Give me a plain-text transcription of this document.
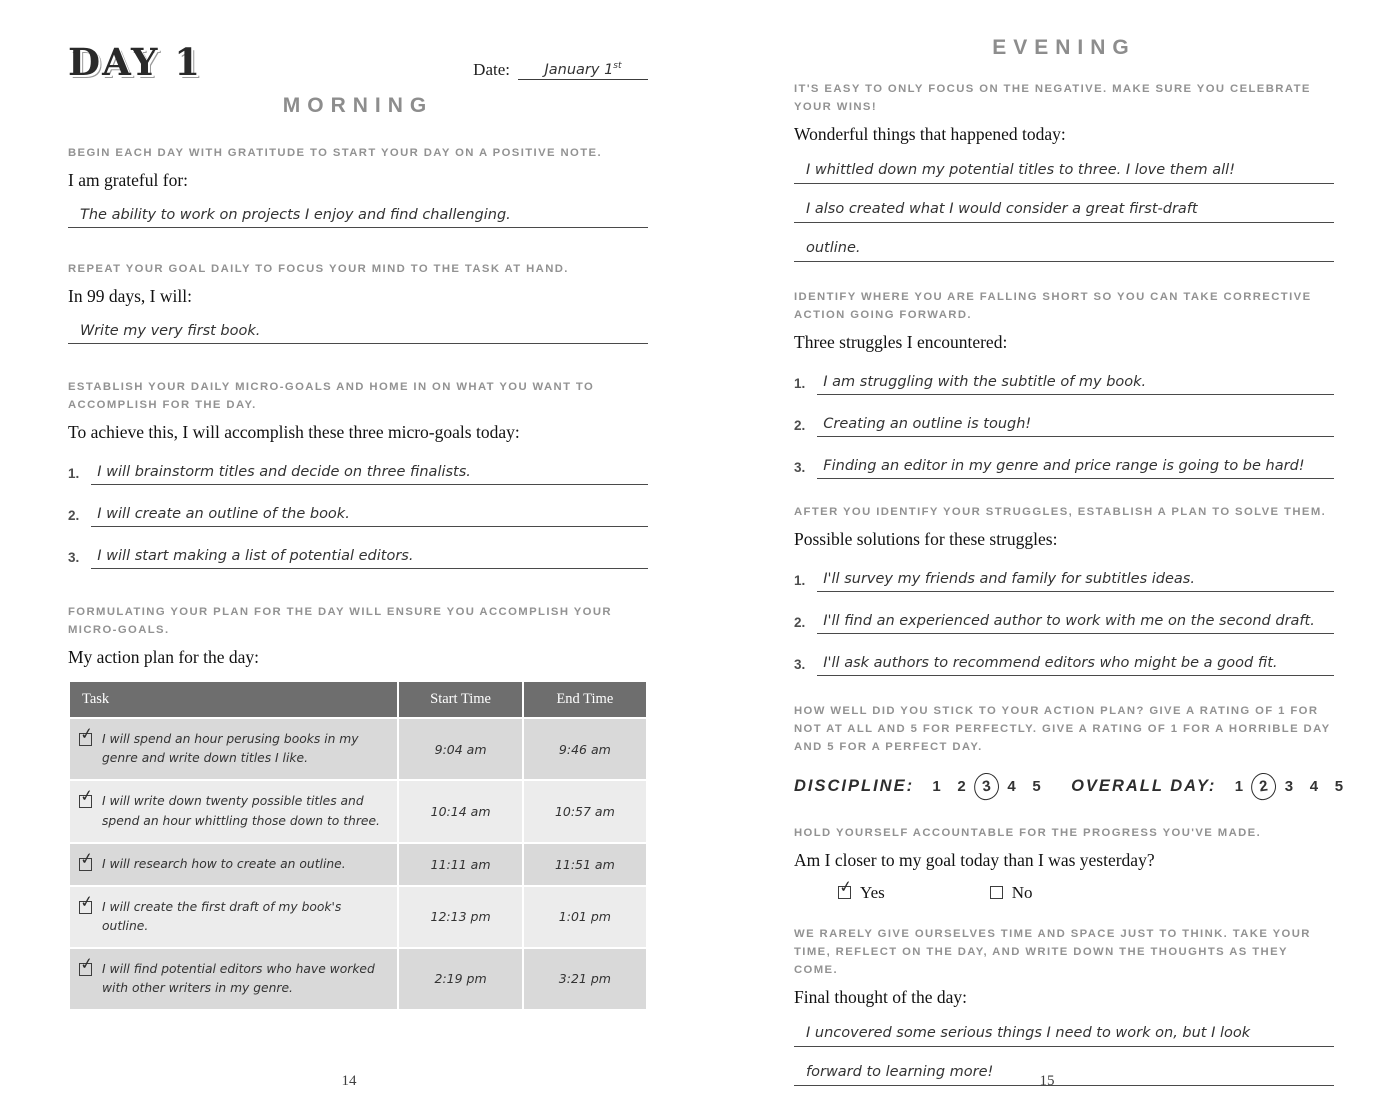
DAY 1	Date:	January 1st
MORNING
BEGIN EACH DAY WITH GRATITUDE TO START YOUR DAY ON A POSITIVE NOTE.
I am grateful for:
The ability to work on projects I enjoy and find challenging.
REPEAT YOUR GOAL DAILY TO FOCUS YOUR MIND TO THE TASK AT HAND.
In 99 days, I will:
Write my very first book.
ESTABLISH YOUR DAILY MICRO-GOALS AND HOME IN ON WHAT YOU WANT TO ACCOMPLISH FOR THE DAY.
To achieve this, I will accomplish these three micro-goals today:
1.	I will brainstorm titles and decide on three finalists.
2.	I will create an outline of the book.
3.	I will start making a list of potential editors.
FORMULATING YOUR PLAN FOR THE DAY WILL ENSURE YOU ACCOMPLISH YOUR MICRO-GOALS.
My action plan for the day:
Task	Start Time	End Time

✓ I will spend an hour perusing books in my genre and write down titles I like.	9:04 am	9:46 am

✓ I will write down twenty possible titles and spend an hour whittling those down to three.	10:14 am	10:57 am

✓ I will research how to create an outline.	11:11 am	11:51 am

✓ I will create the first draft of my book's outline.	12:13 pm	1:01 pm

✓ I will find potential editors who have worked with other writers in my genre.	2:19 pm	3:21 pm
14
EVENING
IT'S EASY TO ONLY FOCUS ON THE NEGATIVE. MAKE SURE YOU CELEBRATE YOUR WINS!
Wonderful things that happened today:
I whittled down my potential titles to three. I love them all!
I also created what I would consider a great first-draft
outline.
IDENTIFY WHERE YOU ARE FALLING SHORT SO YOU CAN TAKE CORRECTIVE ACTION GOING FORWARD.
Three struggles I encountered:
1.	I am struggling with the subtitle of my book.
2.	Creating an outline is tough!
3.	Finding an editor in my genre and price range is going to be hard!
AFTER YOU IDENTIFY YOUR STRUGGLES, ESTABLISH A PLAN TO SOLVE THEM.
Possible solutions for these struggles:
1.	I'll survey my friends and family for subtitles ideas.
2.	I'll find an experienced author to work with me on the second draft.
3.	I'll ask authors to recommend editors who might be a good fit.
HOW WELL DID YOU STICK TO YOUR ACTION PLAN? GIVE A RATING OF 1 FOR NOT AT ALL AND 5 FOR PERFECTLY. GIVE A RATING OF 1 FOR A HORRIBLE DAY AND 5 FOR A PERFECT DAY.
DISCIPLINE:	1	2	3	4	5	OVERALL DAY:	1	2	3	4	5
HOLD YOURSELF ACCOUNTABLE FOR THE PROGRESS YOU'VE MADE.
Am I closer to my goal today than I was yesterday?
✓ Yes	No
WE RARELY GIVE OURSELVES TIME AND SPACE JUST TO THINK. TAKE YOUR TIME, REFLECT ON THE DAY, AND WRITE DOWN THE THOUGHTS AS THEY COME.
Final thought of the day:
I uncovered some serious things I need to work on, but I look
forward to learning more!
15
